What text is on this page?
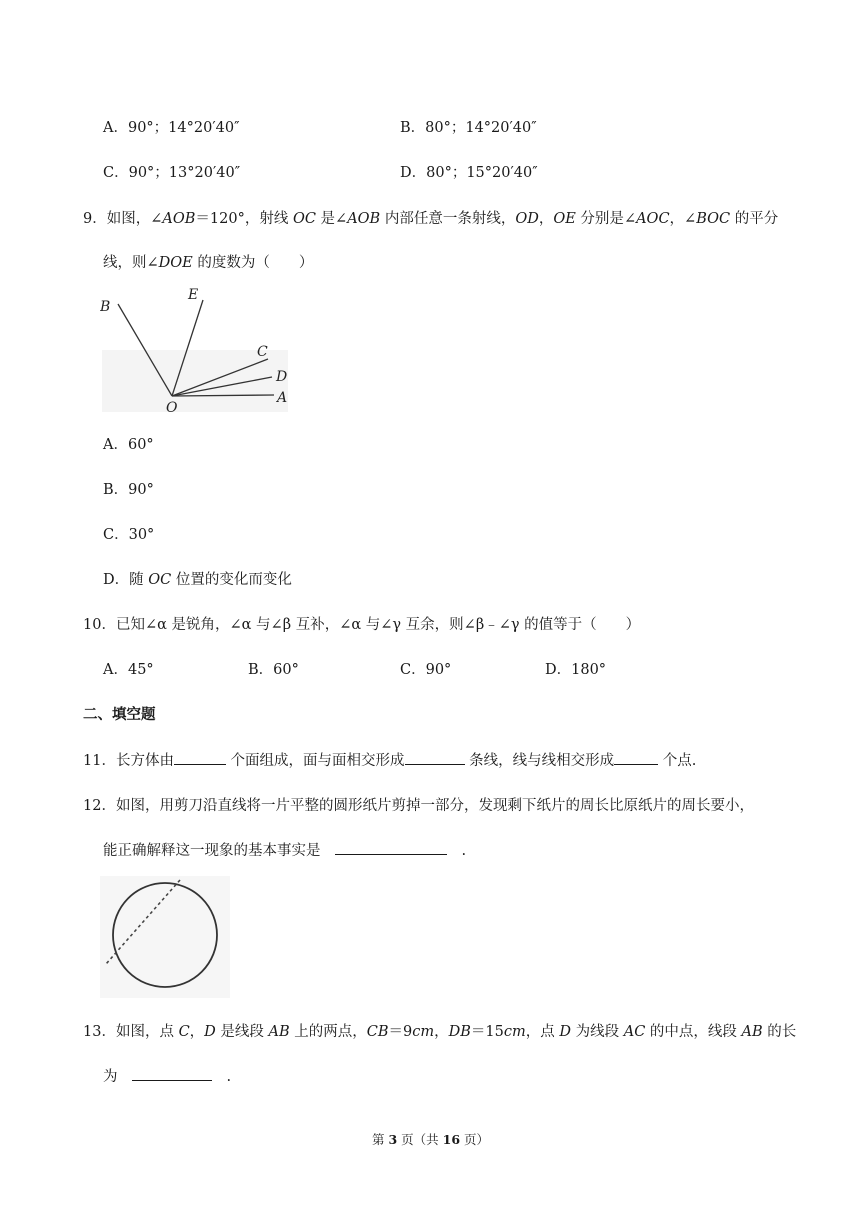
A．90°；14°20′40″	B．80°；14°20′40″
C．90°；13°20′40″	D．80°；15°20′40″
9．如图，∠AOB＝120°，射线 OC 是∠AOB 内部任意一条射线，OD，OE 分别是∠AOC，∠BOC 的平分
线，则∠DOE 的度数为（　　）
B
E
C
D
O
A
A．60°
B．90°
C．30°
D．随 OC 位置的变化而变化
10．已知∠α 是锐角，∠α 与∠β 互补，∠α 与∠γ 互余，则∠β﹣∠γ 的值等于（　　）
A．45°	B．60°	C．90°	D．180°
二、填空题
11．长方体由	个面组成，面与面相交形成	条线，线与线相交形成	个点.
12．如图，用剪刀沿直线将一片平整的圆形纸片剪掉一部分，发现剩下纸片的周长比原纸片的周长要小，
能正确解释这一现象的基本事实是　　	.
13．如图，点 C，D 是线段 AB 上的两点，CB＝9cm，DB＝15cm，点 D 为线段 AC 的中点，线段 AB 的长
为　　	.
第 3 页（共 16 页）
